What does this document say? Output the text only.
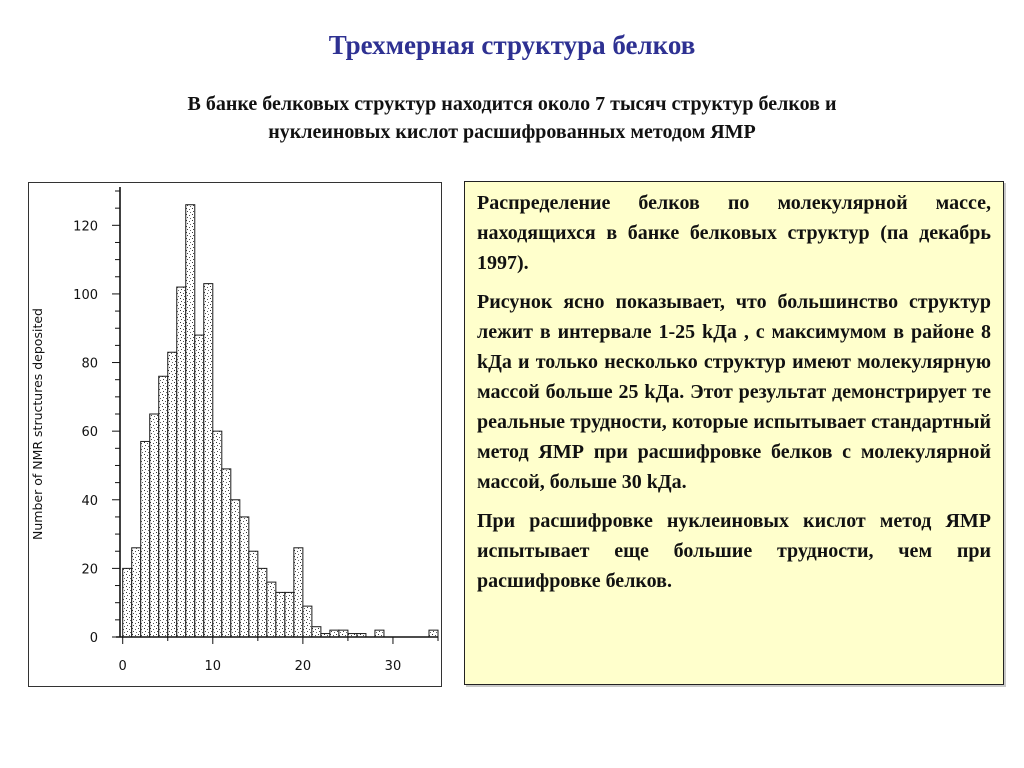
Трехмерная структура белков
В банке белковых структур находится около 7 тысяч структур белков и
нуклеиновых кислот расшифрованных методом ЯМР
0
20
40
60
80
100
120
0	10	20	30
Number of NMR structures deposited

Распределение белков по молекулярной массе, находящихся в банке белковых структур (па декабрь 1997).

Рисунок ясно показывает, что большинство структур лежит в интервале 1-25 kДа , с максимумом в районе 8 kДа и только несколько структур имеют молекулярную массой больше 25 kДа. Этот результат демонстрирует те реальные трудности, которые испытывает стандартный метод ЯМР при расшифровке белков с молекулярной массой, больше 30 kДа.

При расшифровке нуклеиновых кислот метод ЯМР испытывает еще большие трудности, чем при расшифровке белков.
